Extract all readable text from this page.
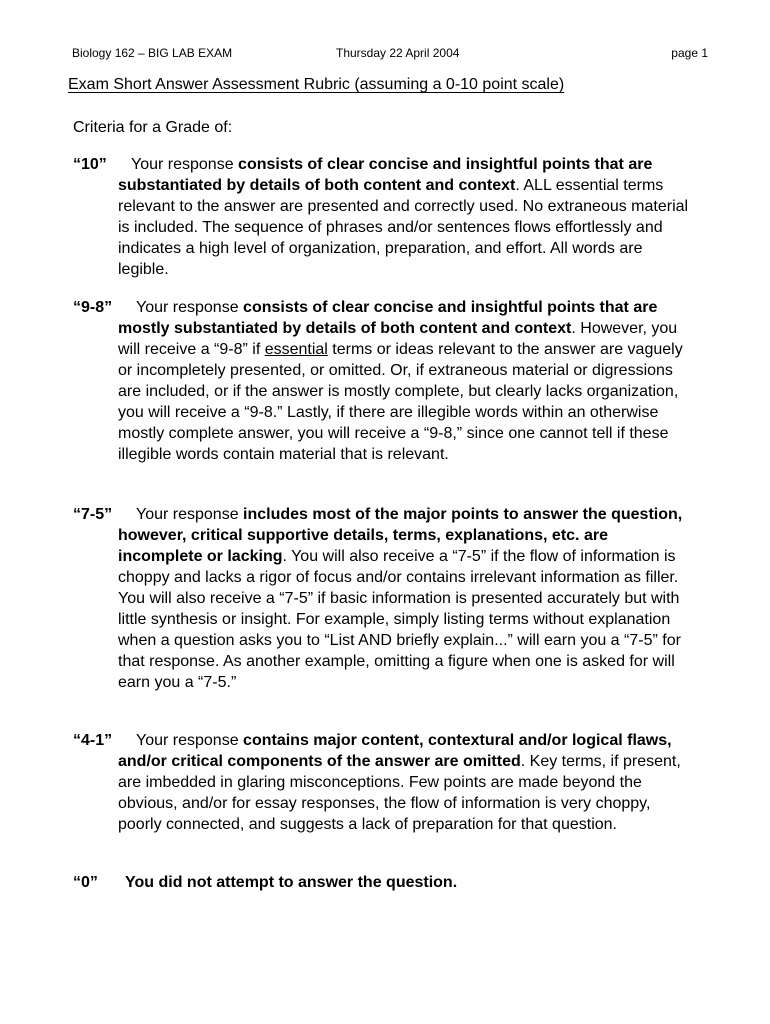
Biology 162 – BIG LAB EXAM	Thursday 22 April 2004	page 1
Exam Short Answer Assessment Rubric (assuming a 0-10 point scale)
Criteria for a Grade of:
“10” Your response consists of clear concise and insightful points that are substantiated by details of both content and context. ALL essential terms relevant to the answer are presented and correctly used. No extraneous material is included. The sequence of phrases and/or sentences flows effortlessly and indicates a high level of organization, preparation, and effort. All words are legible.
“9-8” Your response consists of clear concise and insightful points that are mostly substantiated by details of both content and context. However, you will receive a “9-8” if essential terms or ideas relevant to the answer are vaguely or incompletely presented, or omitted. Or, if extraneous material or digressions are included, or if the answer is mostly complete, but clearly lacks organization, you will receive a “9-8.” Lastly, if there are illegible words within an otherwise mostly complete answer, you will receive a “9-8,” since one cannot tell if these illegible words contain material that is relevant.
“7-5” Your response includes most of the major points to answer the question, however, critical supportive details, terms, explanations, etc. are incomplete or lacking. You will also receive a “7-5” if the flow of information is choppy and lacks a rigor of focus and/or contains irrelevant information as filler. You will also receive a “7-5” if basic information is presented accurately but with little synthesis or insight. For example, simply listing terms without explanation when a question asks you to “List AND briefly explain...” will earn you a “7-5” for that response. As another example, omitting a figure when one is asked for will earn you a “7-5.”
“4-1” Your response contains major content, contextural and/or logical flaws, and/or critical components of the answer are omitted. Key terms, if present, are imbedded in glaring misconceptions. Few points are made beyond the obvious, and/or for essay responses, the flow of information is very choppy, poorly connected, and suggests a lack of preparation for that question.
“0” You did not attempt to answer the question.
